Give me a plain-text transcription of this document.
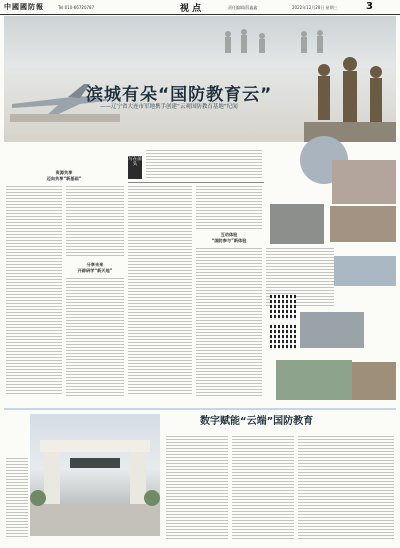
中國國防報	Tel:010-66720787	视 点	责任编辑/薛鑫鑫	2022年12月28日 星期三	3
滨城有朵“国防教育云”
——辽宁省大连市军地携手创建“云观国防教育基地”纪闻
资源共享
迈向共享“新基础”
分享未来
开辟研学“新天地”
写在前头
互动体验
“国防参与”新体验
数字赋能“云端”国防教育
